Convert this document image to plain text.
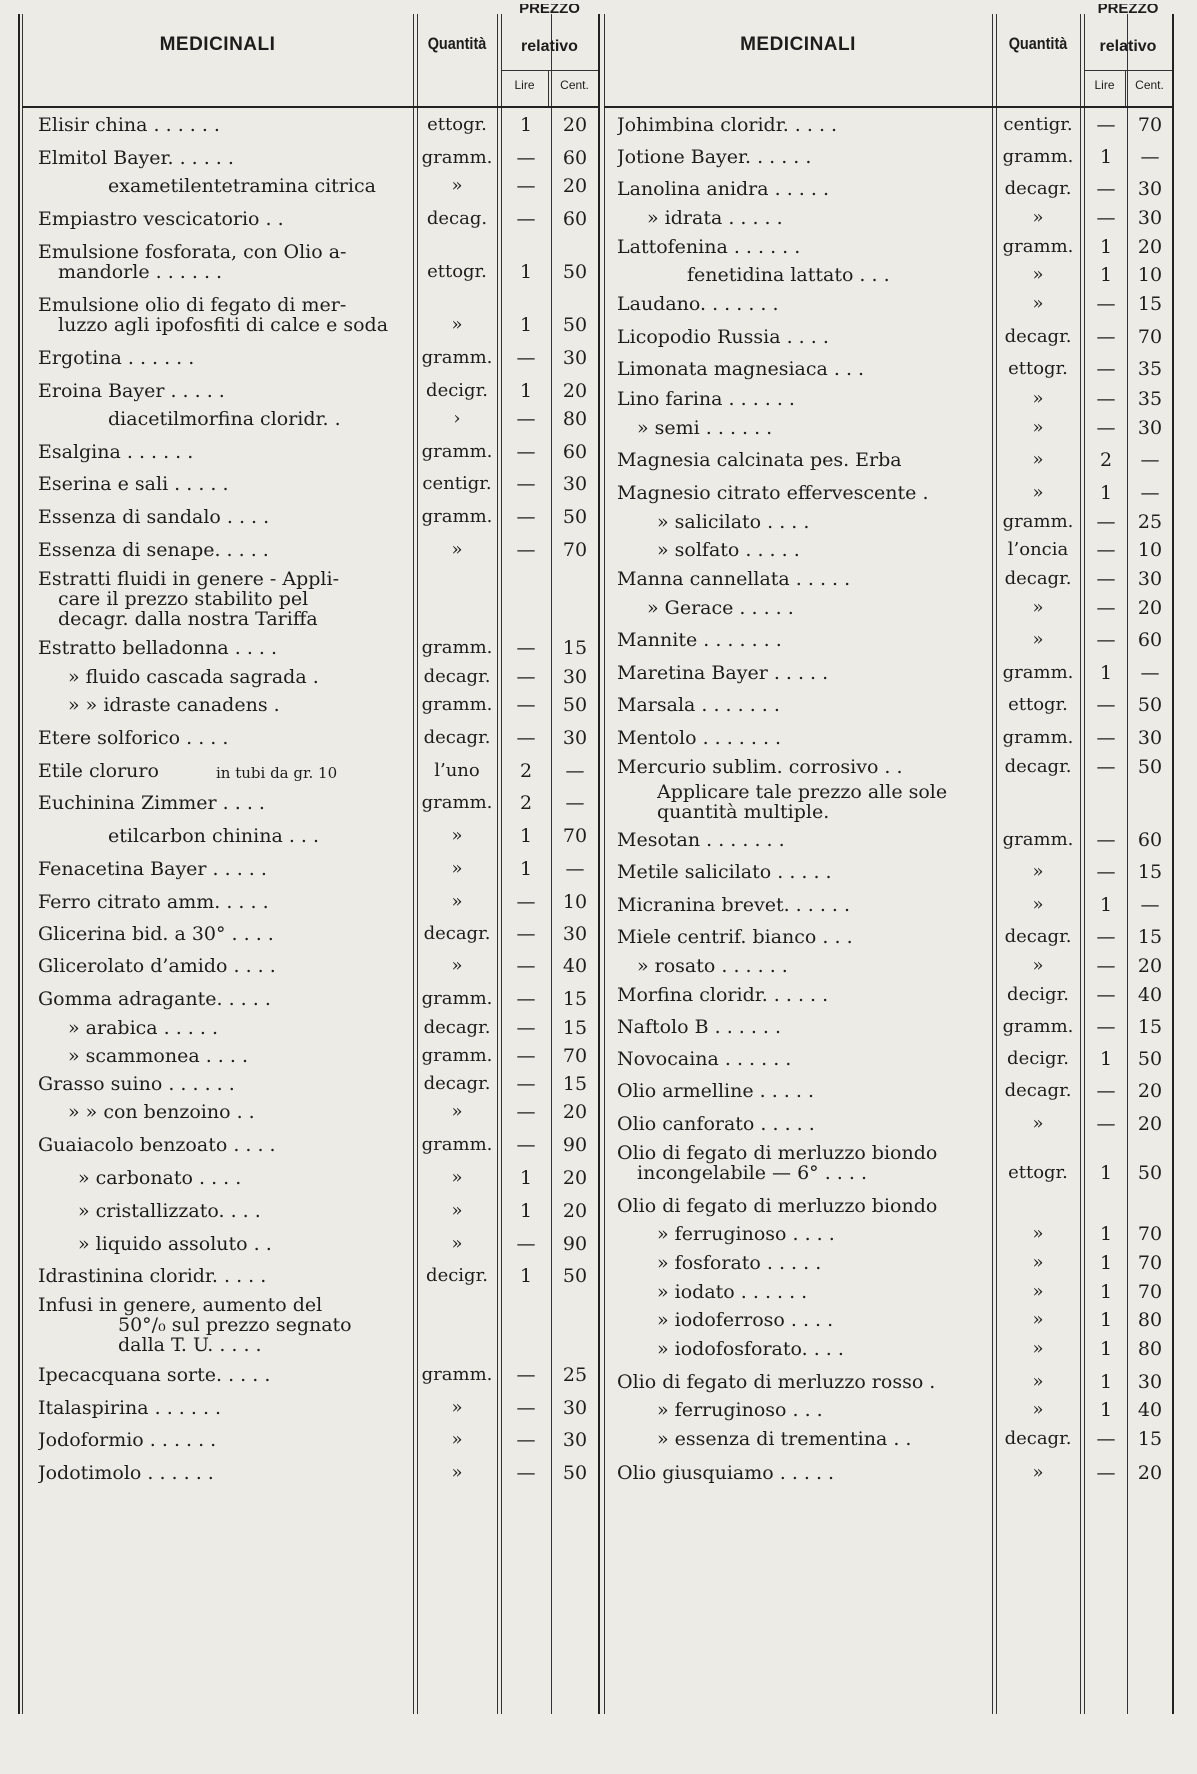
MEDICINALI	Quantità
PREZZO
relativo
Lire	Cent.
MEDICINALI	Quantità
PREZZO
relativo
Lire	Cent.
Elisir china . . . . . .	ettogr.	1	20
Elmitol Bayer. . . . . .	gramm.	—	60
exametilentetramina citrica	»	—	20
Empiastro vescicatorio . .	decag.	—	60
Emulsione fosforata, con Olio a-
mandorle . . . . . .	ettogr.	1	50
Emulsione olio di fegato di mer-
luzzo agli ipofosfiti di calce e soda	»	1	50
Ergotina . . . . . .	gramm.	—	30
Eroina Bayer . . . . .	decigr.	1	20
diacetilmorfina cloridr. .	›	—	80
Esalgina . . . . . .	gramm.	—	60
Eserina e sali . . . . .	centigr.	—	30
Essenza di sandalo . . . .	gramm.	—	50
Essenza di senape. . . . .	»	—	70
Estratti fluidi in genere - Appli-
care il prezzo stabilito pel
decagr. dalla nostra Tariffa
Estratto belladonna . . . .	gramm.	—	15
» fluido cascada sagrada .	decagr.	—	30
» » idraste canadens .	gramm.	—	50
Etere solforico . . . .	decagr.	—	30
Etile cloruro	in tubi da gr. 10	l’uno	2	—
Euchinina Zimmer . . . .	gramm.	2	—
etilcarbon chinina . . .	»	1	70
Fenacetina Bayer . . . . .	»	1	—
Ferro citrato amm. . . . .	»	—	10
Glicerina bid. a 30° . . . .	decagr.	—	30
Glicerolato d’amido . . . .	»	—	40
Gomma adragante. . . . .	gramm.	—	15
» arabica . . . . .	decagr.	—	15
» scammonea . . . .	gramm.	—	70
Grasso suino . . . . . .	decagr.	—	15
» » con benzoino . .	»	—	20
Guaiacolo benzoato . . . .	gramm.	—	90
» carbonato . . . .	»	1	20
» cristallizzato. . . .	»	1	20
» liquido assoluto . .	»	—	90
Idrastinina cloridr. . . . .	decigr.	1	50
Infusi in genere, aumento del
50°/₀ sul prezzo segnato
dalla T. U. . . . .
Ipecacquana sorte. . . . .	gramm.	—	25
Italaspirina . . . . . .	»	—	30
Jodoformio . . . . . .	»	—	30
Jodotimolo . . . . . .	»	—	50
Johimbina cloridr. . . . .	centigr.	—	70
Jotione Bayer. . . . . .	gramm.	1	—
Lanolina anidra . . . . .	decagr.	—	30
» idrata . . . . .	»	—	30
Lattofenina . . . . . .	gramm.	1	20
fenetidina lattato . . .	»	1	10
Laudano. . . . . . .	»	—	15
Licopodio Russia . . . .	decagr.	—	70
Limonata magnesiaca . . .	ettogr.	—	35
Lino farina . . . . . .	»	—	35
» semi . . . . . .	»	—	30
Magnesia calcinata pes. Erba	»	2	—
Magnesio citrato effervescente .	»	1	—
» salicilato . . . .	gramm.	—	25
» solfato . . . . .	l’oncia	—	10
Manna cannellata . . . . .	decagr.	—	30
» Gerace . . . . .	»	—	20
Mannite . . . . . . .	»	—	60
Maretina Bayer . . . . .	gramm.	1	—
Marsala . . . . . . .	ettogr.	—	50
Mentolo . . . . . . .	gramm.	—	30
Mercurio sublim. corrosivo . .	decagr.	—	50
Applicare tale prezzo alle sole
quantità multiple.
Mesotan . . . . . . .	gramm.	—	60
Metile salicilato . . . . .	»	—	15
Micranina brevet. . . . . .	»	1	—
Miele centrif. bianco . . .	decagr.	—	15
» rosato . . . . . .	»	—	20
Morfina cloridr. . . . . .	decigr.	—	40
Naftolo B . . . . . .	gramm.	—	15
Novocaina . . . . . .	decigr.	1	50
Olio armelline . . . . .	decagr.	—	20
Olio canforato . . . . .	»	—	20
Olio di fegato di merluzzo biondo
incongelabile — 6° . . . .	ettogr.	1	50
Olio di fegato di merluzzo biondo
» ferruginoso . . . .	»	1	70
» fosforato . . . . .	»	1	70
» iodato . . . . . .	»	1	70
» iodoferroso . . . .	»	1	80
» iodofosforato. . . .	»	1	80
Olio di fegato di merluzzo rosso .	»	1	30
» ferruginoso . . .	»	1	40
» essenza di trementina . .	decagr.	—	15
Olio giusquiamo . . . . .	»	—	20
